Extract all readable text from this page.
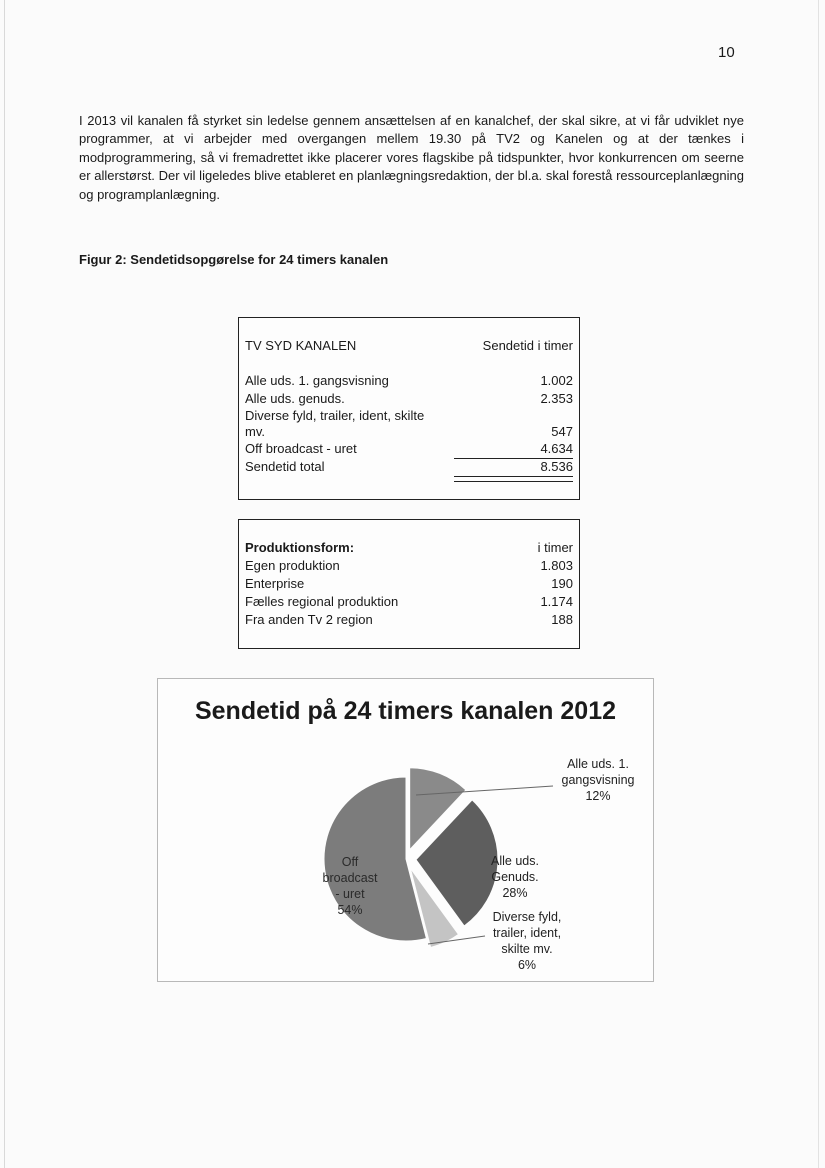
10

I 2013 vil kanalen få styrket sin ledelse gennem ansættelsen af en kanalchef, der skal sikre, at vi får udviklet nye programmer, at vi arbejder med overgangen mellem 19.30 på TV2 og Kanelen og at der tænkes i modprogrammering, så vi fremadrettet ikke placerer vores flagskibe på tidspunkter, hvor konkurrencen om seerne er allerstørst. Der vil ligeledes blive etableret en planlægningsredaktion, der bl.a. skal forestå ressourceplanlægning og programplanlægning.

Figur 2: Sendetidsopgørelse for 24 timers kanalen

TV SYD KANALEN	Sendetid i timer
Alle uds. 1. gangsvisning	1.002
Alle uds. genuds.	2.353
Diverse fyld, trailer, ident, skilte
mv.	547
Off broadcast - uret	4.634
Sendetid total	8.536
Produktionsform:	i timer
Egen produktion	1.803
Enterprise	190
Fælles regional produktion	1.174
Fra anden Tv 2 region	188

Sendetid på 24 timers kanalen 2012

Alle uds. 1. gangsvisning 12%
Alle uds. Genuds. 28%
Diverse fyld, trailer, ident, skilte mv. 6%
Off broadcast - uret 54%
